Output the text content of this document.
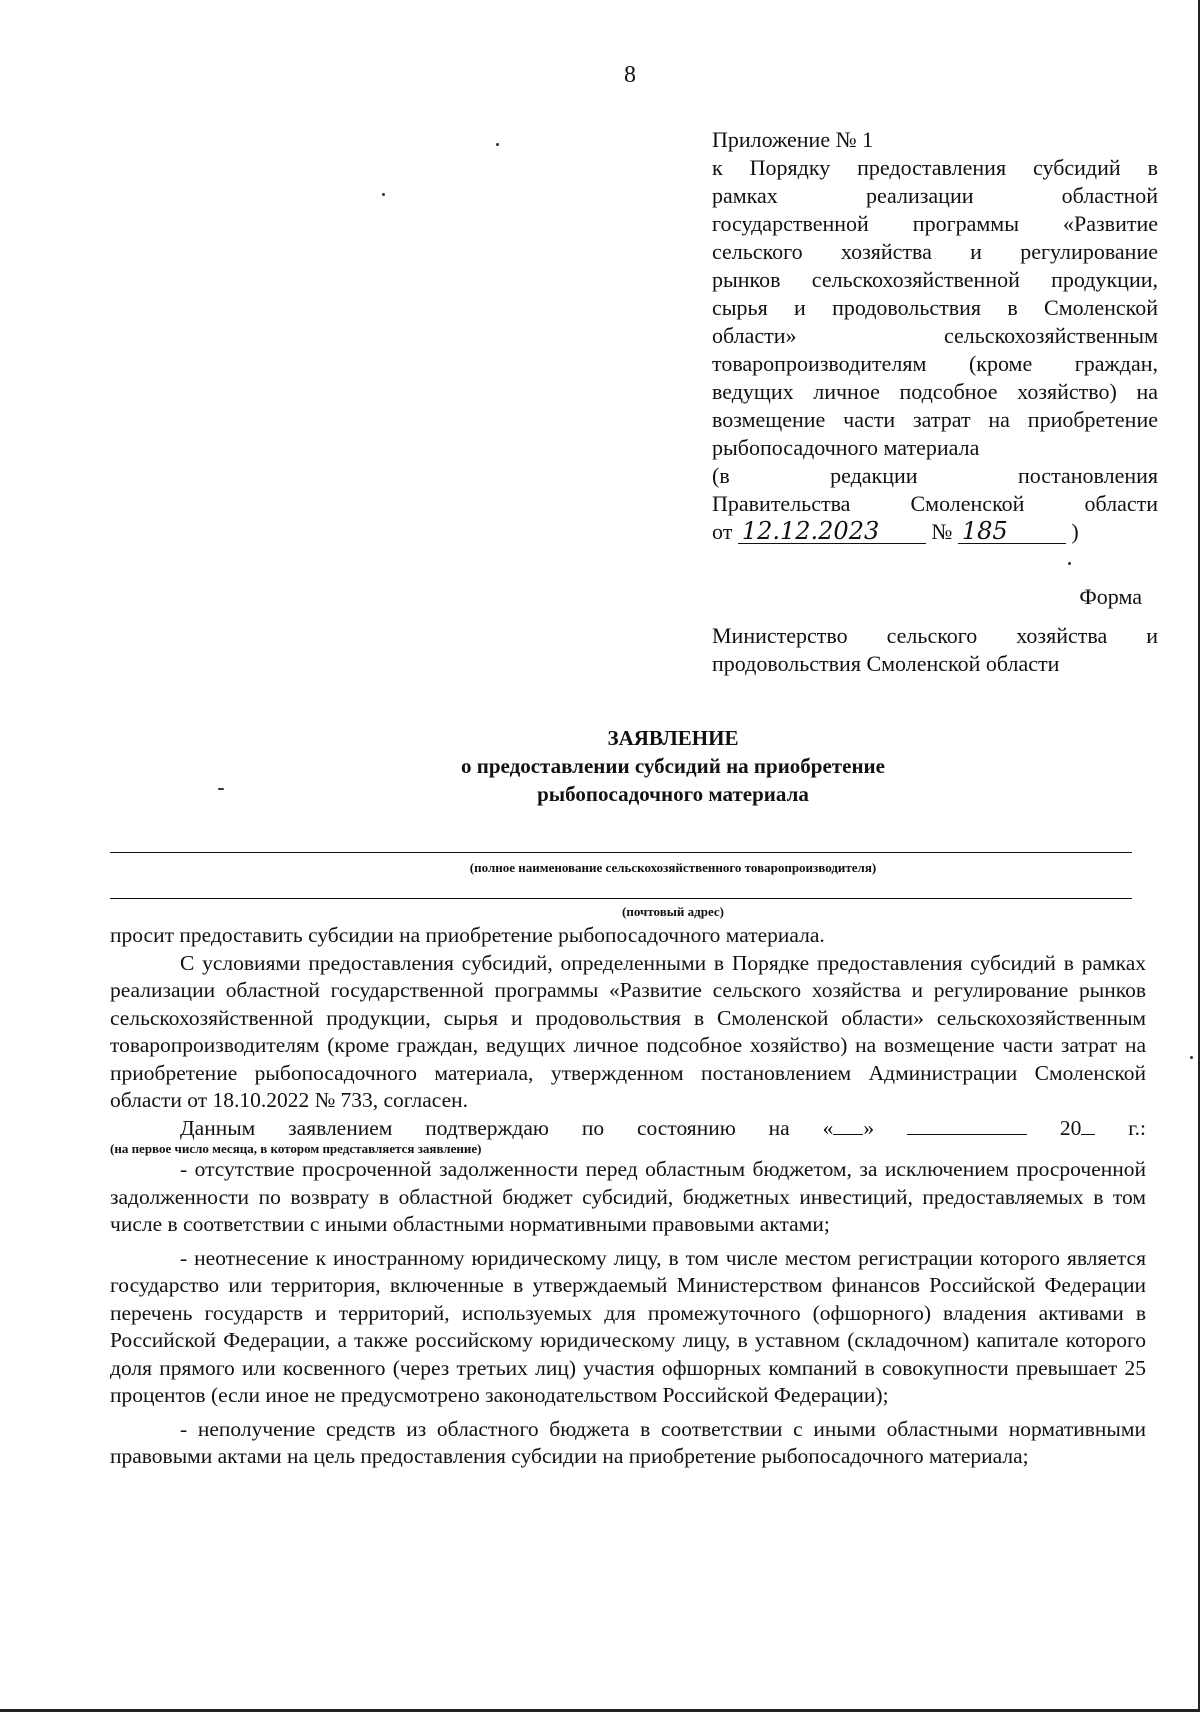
8
Приложение № 1
к Порядку предоставления субсидий в
рамках реализации областной
государственной программы «Развитие
сельского хозяйства и регулирование
рынков сельскохозяйственной продукции,
сырья и продовольствия в Смоленской
области» сельскохозяйственным
товаропроизводителям (кроме граждан,
ведущих личное подсобное хозяйство) на
возмещение части затрат на приобретение
рыбопосадочного материала
(в редакции постановления
Правительства Смоленской области
от 12.12.2023 № 185	)
Форма
Министерство сельского хозяйства и
продовольствия Смоленской области
ЗАЯВЛЕНИЕ
о предоставлении субсидий на приобретение
рыбопосадочного материала
(полное наименование сельскохозяйственного товаропроизводителя)
(почтовый адрес)

просит предоставить субсидии на приобретение рыбопосадочного материала.

С условиями предоставления субсидий, определенными в Порядке предоставления субсидий в рамках реализации областной государственной программы «Развитие сельского хозяйства и регулирование рынков сельскохозяйственной продукции, сырья и продовольствия в Смоленской области» сельскохозяйственным товаропроизводителям (кроме граждан, ведущих личное подсобное хозяйство) на возмещение части затрат на приобретение рыбопосадочного материала, утвержденном постановлением Администрации Смоленской области от 18.10.2022 № 733, согласен.

Данным заявлением подтверждаю по состоянию на « »	20 г.:

(на первое число месяца, в котором представляется заявление)

- отсутствие просроченной задолженности перед областным бюджетом, за исключением просроченной задолженности по возврату в областной бюджет субсидий, бюджетных инвестиций, предоставляемых в том числе в соответствии с иными областными нормативными правовыми актами;

- неотнесение к иностранному юридическому лицу, в том числе местом регистрации которого является государство или территория, включенные в утверждаемый Министерством финансов Российской Федерации перечень государств и территорий, используемых для промежуточного (офшорного) владения активами в Российской Федерации, а также российскому юридическому лицу, в уставном (складочном) капитале которого доля прямого или косвенного (через третьих лиц) участия офшорных компаний в совокупности превышает 25 процентов (если иное не предусмотрено законодательством Российской Федерации);

- неполучение средств из областного бюджета в соответствии с иными областными нормативными правовыми актами на цель предоставления субсидии на приобретение рыбопосадочного материала;
